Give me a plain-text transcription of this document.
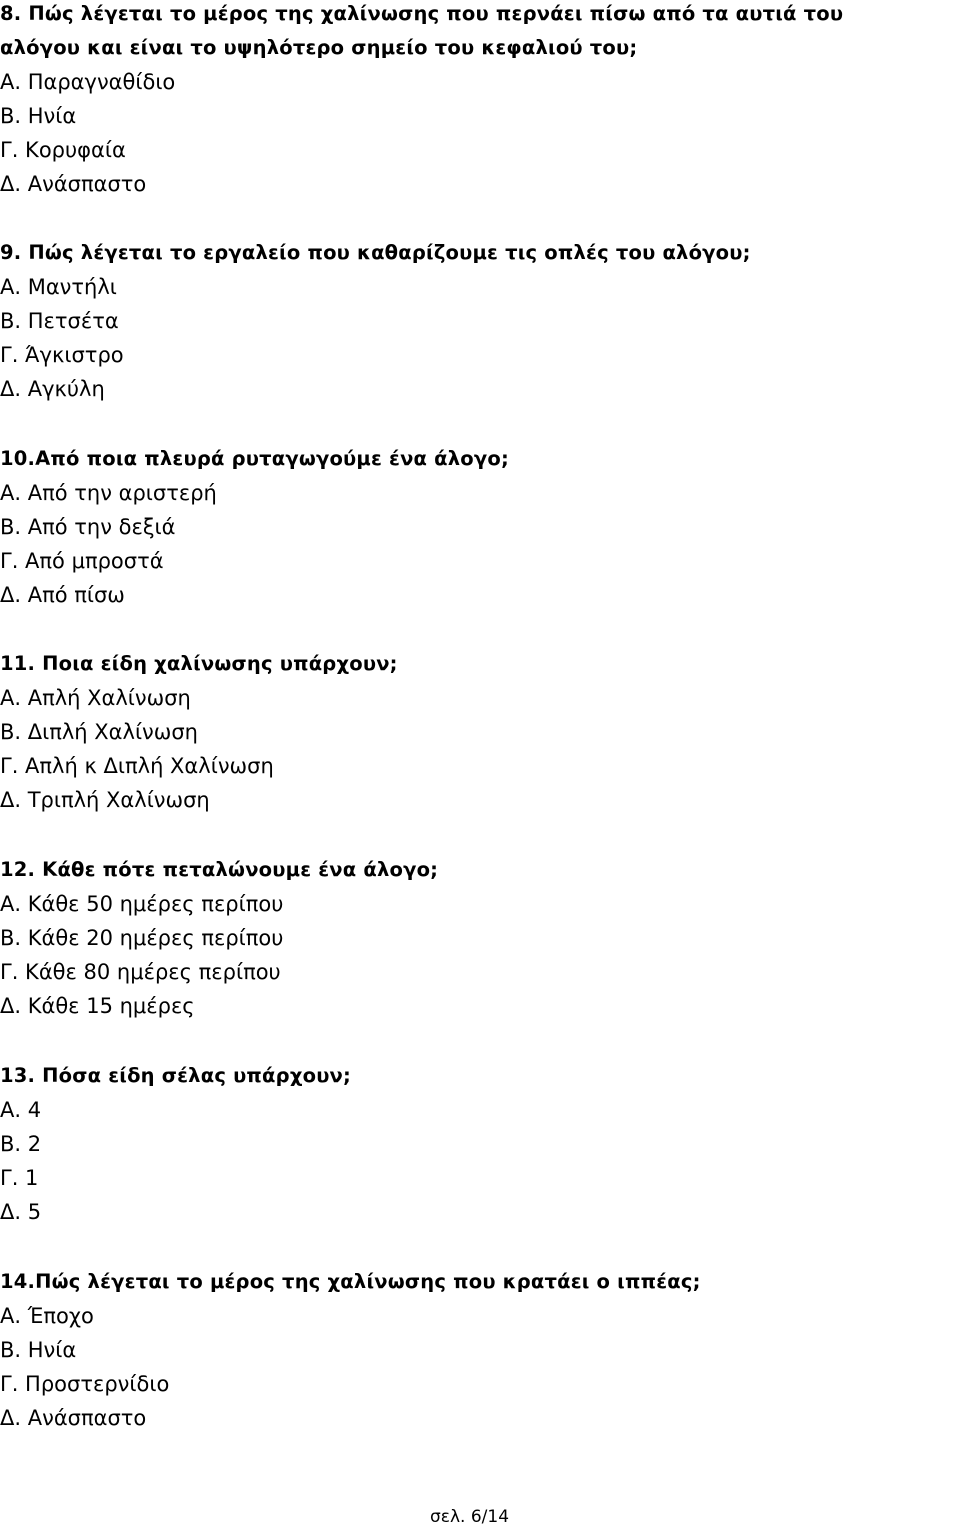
8. Πώς λέγεται το μέρος της χαλίνωσης που περνάει πίσω από τα αυτιά του
αλόγου και είναι το υψηλότερο σημείο του κεφαλιού του;
Α. Παραγναθίδιο
Β. Ηνία
Γ. Κορυφαία
Δ. Ανάσπαστο
9. Πώς λέγεται το εργαλείο που καθαρίζουμε τις οπλές του αλόγου;
Α. Μαντήλι
Β. Πετσέτα
Γ. Άγκιστρο
Δ. Αγκύλη
10.Από ποια πλευρά ρυταγωγούμε ένα άλογο;
Α. Από την αριστερή
Β. Από την δεξιά
Γ. Από μπροστά
Δ. Από πίσω
11. Ποια είδη χαλίνωσης υπάρχουν;
Α. Απλή Χαλίνωση
Β. Διπλή Χαλίνωση
Γ. Απλή κ Διπλή Χαλίνωση
Δ. Τριπλή Χαλίνωση
12. Κάθε πότε πεταλώνουμε ένα άλογο;
Α. Κάθε 50 ημέρες περίπου
Β. Κάθε 20 ημέρες περίπου
Γ. Κάθε 80 ημέρες περίπου
Δ. Κάθε 15 ημέρες
13. Πόσα είδη σέλας υπάρχουν;
Α. 4
Β. 2
Γ. 1
Δ. 5
14.Πώς λέγεται το μέρος της χαλίνωσης που κρατάει ο ιππέας;
Α. Έποχο
Β. Ηνία
Γ. Προστερνίδιο
Δ. Ανάσπαστο
σελ. 6/14
